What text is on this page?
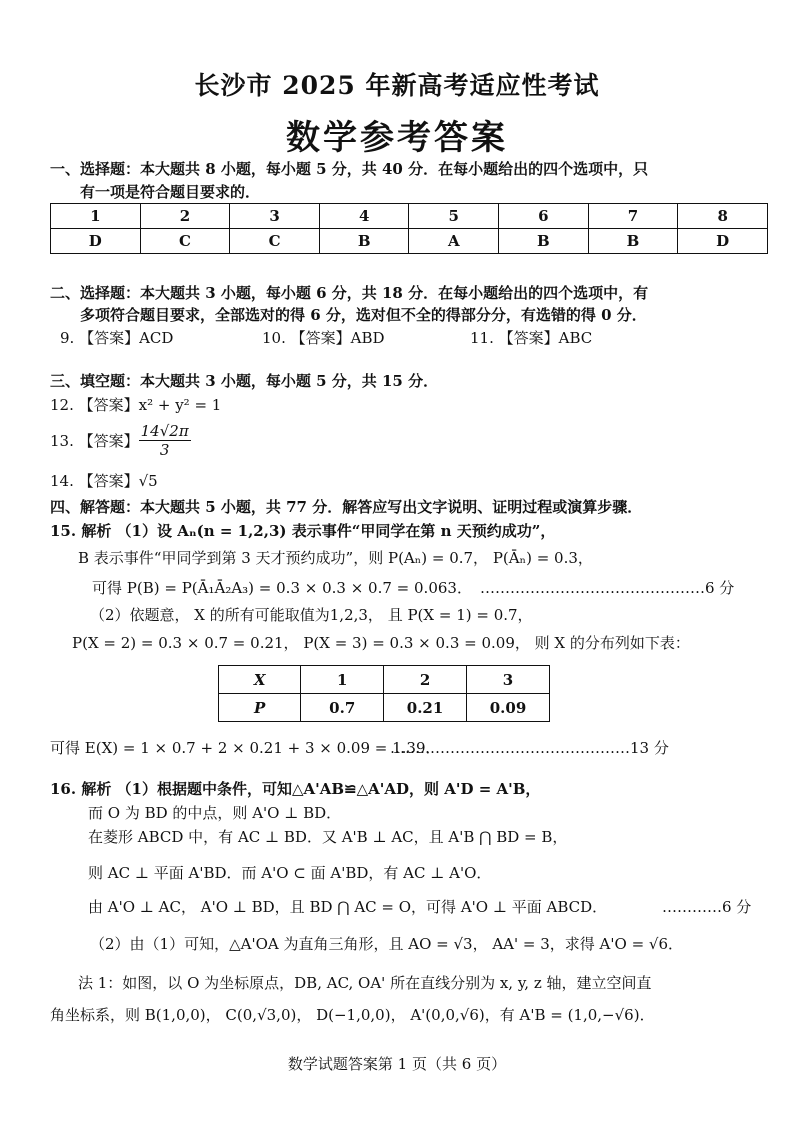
长沙市 2025 年新高考适应性考试
数学参考答案
一、选择题：本大题共 8 小题，每小题 5 分，共 40 分．在每小题给出的四个选项中，只
有一项是符合题目要求的．
1	2	3	4	5	6	7	8
D	C	C	B	A	B	B	D
二、选择题：本大题共 3 小题，每小题 6 分，共 18 分．在每小题给出的四个选项中，有
多项符合题目要求，全部选对的得 6 分，选对但不全的得部分分，有选错的得 0 分．
9. 【答案】ACD	10. 【答案】ABD	11. 【答案】ABC
三、填空题：本大题共 3 小题，每小题 5 分，共 15 分．
12. 【答案】x² + y² = 1
13. 【答案】 $\frac{14√2\pi}{3}$
14. 【答案】√5
四、解答题：本大题共 5 小题，共 77 分．解答应写出文字说明、证明过程或演算步骤．
15. 解析 （1）设 Aₙ(n = 1,2,3) 表示事件“甲同学在第 n 天预约成功”，
B 表示事件“甲同学到第 3 天才预约成功”，则 P(Aₙ) = 0.7， P(Āₙ) = 0.3，
可得 P(B) = P(Ā₁Ā₂A₃) = 0.3 × 0.3 × 0.7 = 0.063． ………………………………………6 分
（2）依题意， X 的所有可能取值为1,2,3， 且 P(X = 1) = 0.7，
P(X = 2) = 0.3 × 0.7 = 0.21， P(X = 3) = 0.3 × 0.3 = 0.09， 则 X 的分布列如下表：
X	1	2	3
P	0.7	0.21	0.09
可得 E(X) = 1 × 0.7 + 2 × 0.21 + 3 × 0.09 = 1.39．
…………………………………………13 分
16. 解析 （1）根据题中条件，可知△A'AB≌△A'AD，则 A'D = A'B，
而 O 为 BD 的中点，则 A'O ⊥ BD．
在菱形 ABCD 中，有 AC ⊥ BD．又 A'B ⊥ AC，且 A'B ⋂ BD = B，
则 AC ⊥ 平面 A'BD．而 A'O ⊂ 面 A'BD，有 AC ⊥ A'O．
由 A'O ⊥ AC， A'O ⊥ BD，且 BD ⋂ AC = O，可得 A'O ⊥ 平面 ABCD．	…………6 分
（2）由（1）可知，△A'OA 为直角三角形，且 AO = √3， AA' = 3，求得 A'O = √6．
法 1：如图，以 O 为坐标原点，DB, AC, OA' 所在直线分别为 x, y, z 轴，建立空间直
角坐标系，则 B(1,0,0)， C(0,√3,0)， D(−1,0,0)， A'(0,0,√6)，有 A'B = (1,0,−√6)．
数学试题答案第 1 页（共 6 页）
